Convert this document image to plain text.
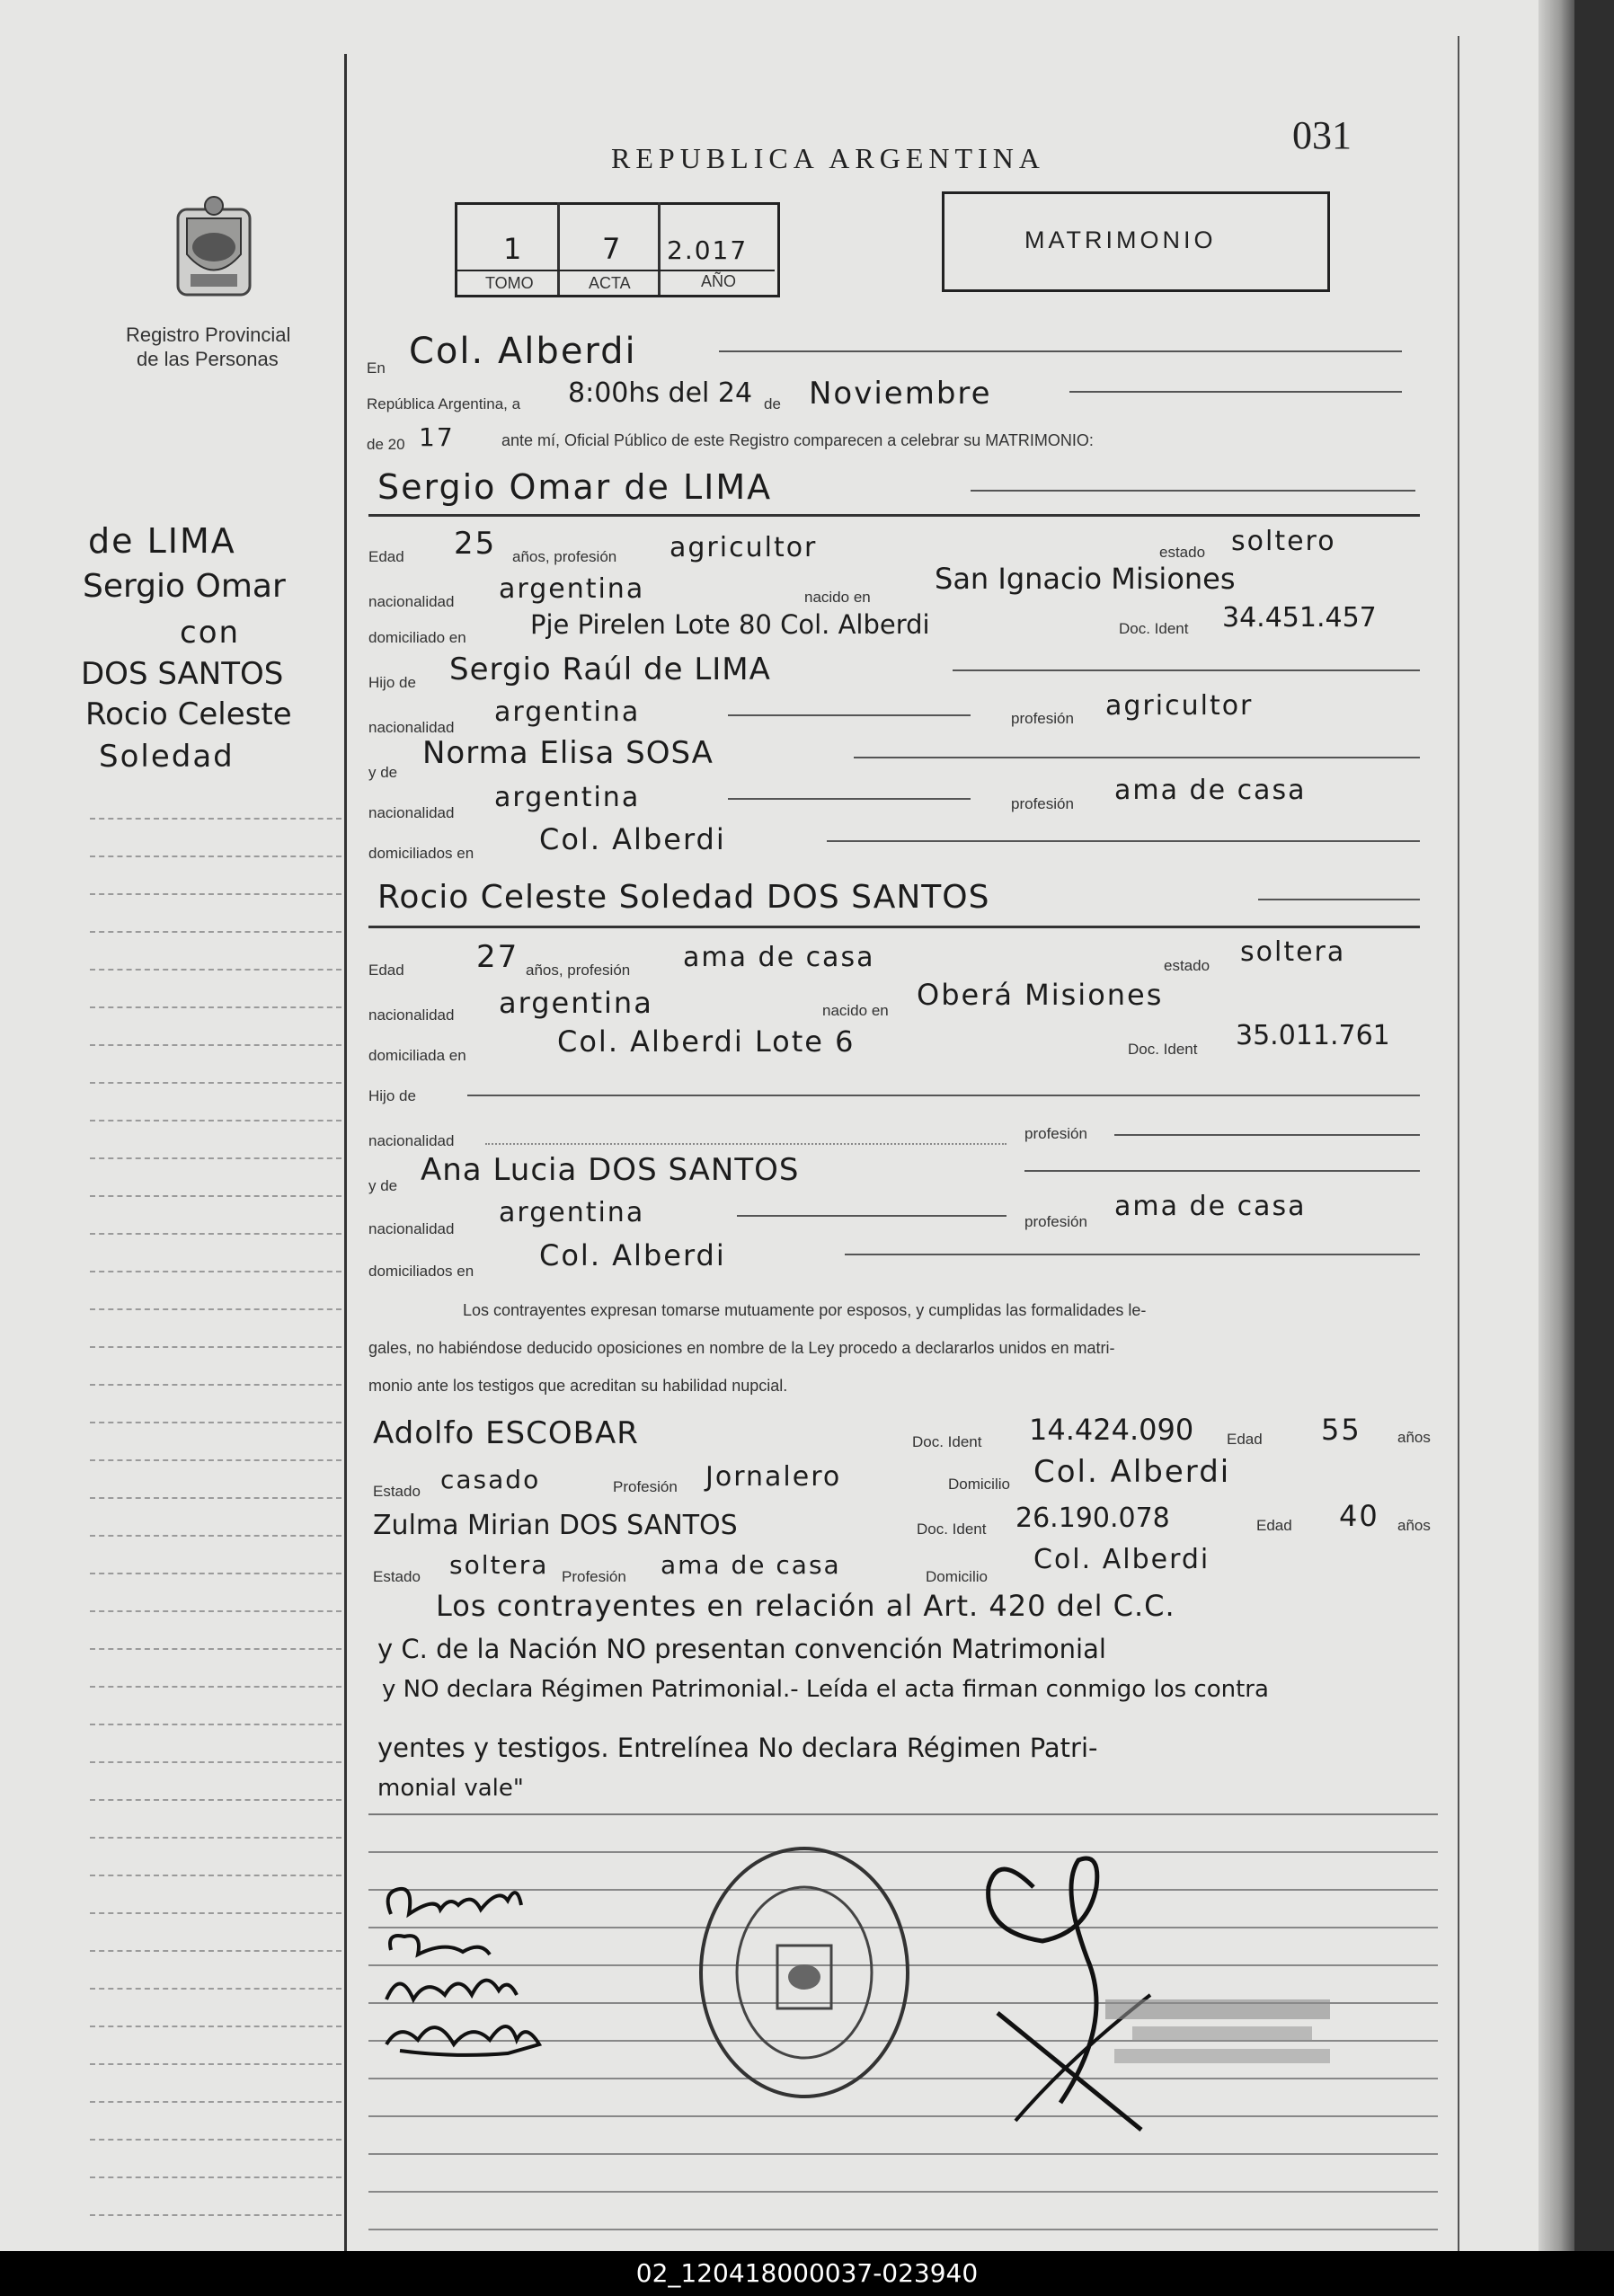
REPUBLICA ARGENTINA
031
1	7 2.017
TOMO	ACTA	AÑO
MATRIMONIO
Registro Provincial
de las Personas
de LIMA
Sergio Omar
con
DOS SANTOS
Rocio Celeste
Soledad
En Col. Alberdi
República Argentina, a 8:00hs del 24 de Noviembre
de 20 17	ante mí, Oficial Público de este Registro comparecen a celebrar su MATRIMONIO:
Sergio Omar de LIMA
Edad 25 años, profesión agricultor	estado soltero
nacionalidad argentina	nacido en
San Ignacio Misiones
domiciliado en Pje Pirelen Lote 80 Col. Alberdi	Doc. Ident 34.451.457
Hijo de Sergio Raúl de LIMA
nacionalidad argentina	profesión agricultor
y de
Norma Elisa SOSA
nacionalidad argentina	profesión ama de casa
domiciliados en Col. Alberdi
Rocio Celeste Soledad DOS SANTOS
Edad 27 años, profesión ama de casa	estado soltera
nacionalidad argentina	nacido en Oberá Misiones
domiciliada en	Col. Alberdi Lote 6	Doc. Ident 35.011.761
Hijo de
nacionalidad	profesión
y de Ana Lucia DOS SANTOS
nacionalidad
argentina	profesión ama de casa
domiciliados en Col. Alberdi
Los contrayentes expresan tomarse mutuamente por esposos, y cumplidas las formalidades le-
gales, no habiéndose deducido oposiciones en nombre de la Ley procedo a declararlos unidos en matri-
monio ante los testigos que acreditan su habilidad nupcial.
Adolfo ESCOBAR	Doc. Ident 14.424.090 Edad 55 años
Estado casado	Profesión Jornalero	Domicilio Col. Alberdi
Zulma Mirian DOS SANTOS	Doc. Ident 26.190.078	Edad 40 años
Estado soltera Profesión ama de casa	Domicilio
Col. Alberdi
Los contrayentes en relación al Art. 420 del C.C.
y C. de la Nación NO presentan convención Matrimonial
y NO declara Régimen Patrimonial.- Leída el acta firman conmigo los contra
yentes y testigos. Entrelínea No declara Régimen Patri-
monial vale"
02_120418000037-023940
